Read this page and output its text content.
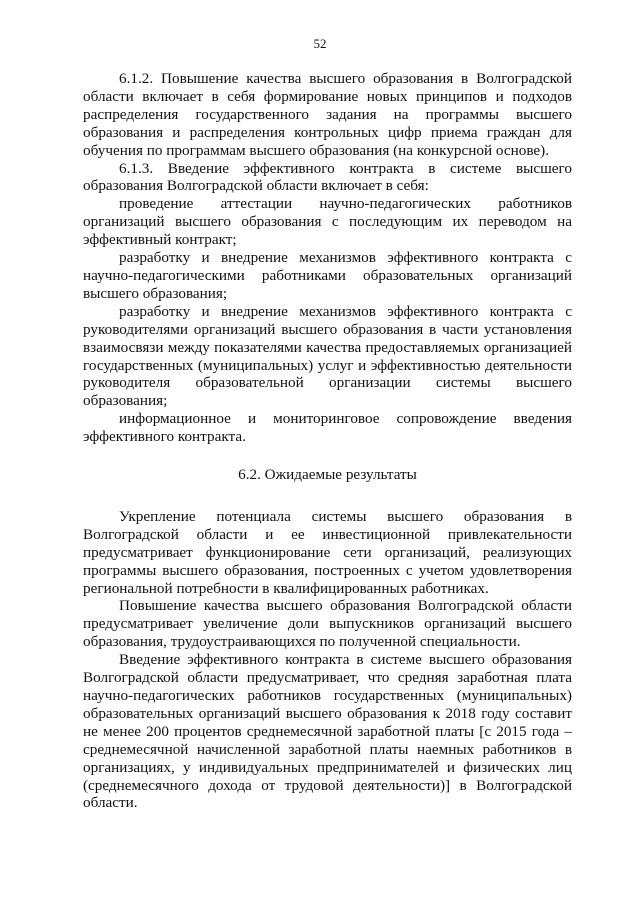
52

6.1.2. Повышение качества высшего образования в Волгоградской области включает в себя формирование новых принципов и подходов распределения государственного задания на программы высшего образования и распределения контрольных цифр приема граждан для обучения по программам высшего образования (на конкурсной основе).

6.1.3. Введение эффективного контракта в системе высшего образования Волгоградской области включает в себя:

проведение аттестации научно-педагогических работников организаций высшего образования с последующим их переводом на эффективный контракт;

разработку и внедрение механизмов эффективного контракта с научно-педагогическими работниками образовательных организаций высшего образования;

разработку и внедрение механизмов эффективного контракта с руководителями организаций высшего образования в части установления взаимосвязи между показателями качества предоставляемых организацией государственных (муниципальных) услуг и эффективностью деятельности руководителя образовательной организации системы высшего образования;

информационное и мониторинговое сопровождение введения эффективного контракта.

6.2. Ожидаемые результаты

Укрепление потенциала системы высшего образования в Волгоградской области и ее инвестиционной привлекательности предусматривает функционирование сети организаций, реализующих программы высшего образования, построенных с учетом удовлетворения региональной потребности в квалифицированных работниках.

Повышение качества высшего образования Волгоградской области предусматривает увеличение доли выпускников организаций высшего образования, трудоустраивающихся по полученной специальности.

Введение эффективного контракта в системе высшего образования Волгоградской области предусматривает, что средняя заработная плата научно-педагогических работников государственных (муниципальных) образовательных организаций высшего образования к 2018 году составит не менее 200 процентов среднемесячной заработной платы [с 2015 года – среднемесячной начисленной заработной платы наемных работников в организациях, у индивидуальных предпринимателей и физических лиц (среднемесячного дохода от трудовой деятельности)] в Волгоградской области.
